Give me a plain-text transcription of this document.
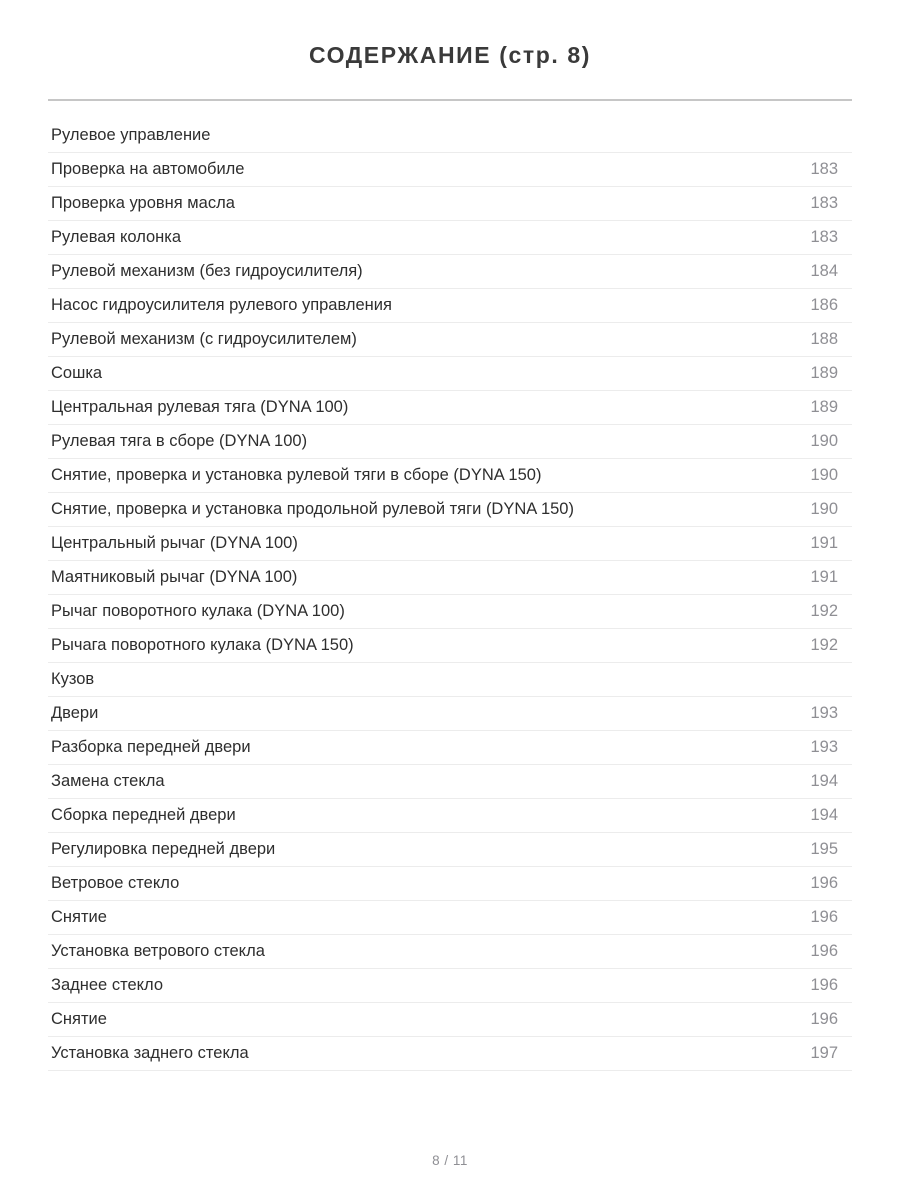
СОДЕРЖАНИЕ (стр. 8)
Рулевое управление
Проверка на автомобиле	183
Проверка уровня масла	183
Рулевая колонка	183
Рулевой механизм (без гидроусилителя)	184
Насос гидроусилителя рулевого управления	186
Рулевой механизм (с гидроусилителем)	188
Сошка	189
Центральная рулевая тяга (DYNA 100)	189
Рулевая тяга в сборе (DYNA 100)	190
Снятие, проверка и установка рулевой тяги в сборе (DYNA 150)	190
Снятие, проверка и установка продольной рулевой тяги (DYNA 150)	190
Центральный рычаг (DYNA 100)	191
Маятниковый рычаг (DYNA 100)	191
Рычаг поворотного кулака (DYNA 100)	192
Рычага поворотного кулака (DYNA 150)	192
Кузов
Двери	193
Разборка передней двери	193
Замена стекла	194
Сборка передней двери	194
Регулировка передней двери	195
Ветровое стекло	196
Снятие	196
Установка ветрового стекла	196
Заднее стекло	196
Снятие	196
Установка заднего стекла	197
8 / 11
